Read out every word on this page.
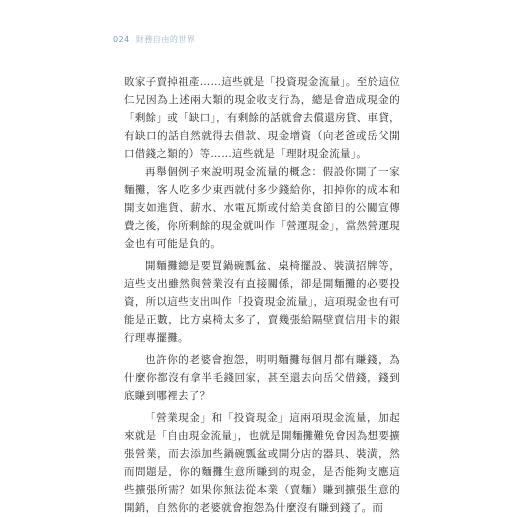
024 財務自由的世界

敗家子賣掉祖產……這些就是「投資現金流量」。至於這位仁兄因為上述兩大類的現金收支行為，總是會造成現金的「剩餘」或「缺口」，有剩餘的話就會去償還房貸、車貸，有缺口的話自然就得去借款、現金增資（向老爸或岳父開口借錢之類的）等……這些就是「理財現金流量」。

再舉個例子來說明現金流量的概念：假設你開了一家麵攤，客人吃多少東西就付多少錢給你，扣掉你的成本和開支如進貨、薪水、水電瓦斯或付給美食節目的公關宣傳費之後，你所剩餘的現金就叫作「營運現金」，當然營運現金也有可能是負的。

開麵攤總是要買鍋碗瓢盆、桌椅擺設、裝潢招牌等，這些支出雖然與營業沒有直接關係，卻是開麵攤的必要投資，所以這些支出叫作「投資現金流量」，這項現金也有可能是正數，比方桌椅太多了，賣幾張給隔壁賣信用卡的銀行理專擺攤。

也許你的老婆會抱怨，明明麵攤每個月都有賺錢，為什麼你都沒有拿半毛錢回家，甚至還去向岳父借錢，錢到底賺到哪裡去了？

「營業現金」和「投資現金」這兩項現金流量，加起來就是「自由現金流量」，也就是開麵攤難免會因為想要擴張營業，而去添加些鍋碗瓢盆或開分店的器具、裝潢，然而問題是，你的麵攤生意所賺到的現金，是否能夠支應這些擴張所需？如果你無法從本業（賣麵）賺到擴張生意的開銷，自然你的老婆就會抱怨為什麼沒有賺到錢了。而
